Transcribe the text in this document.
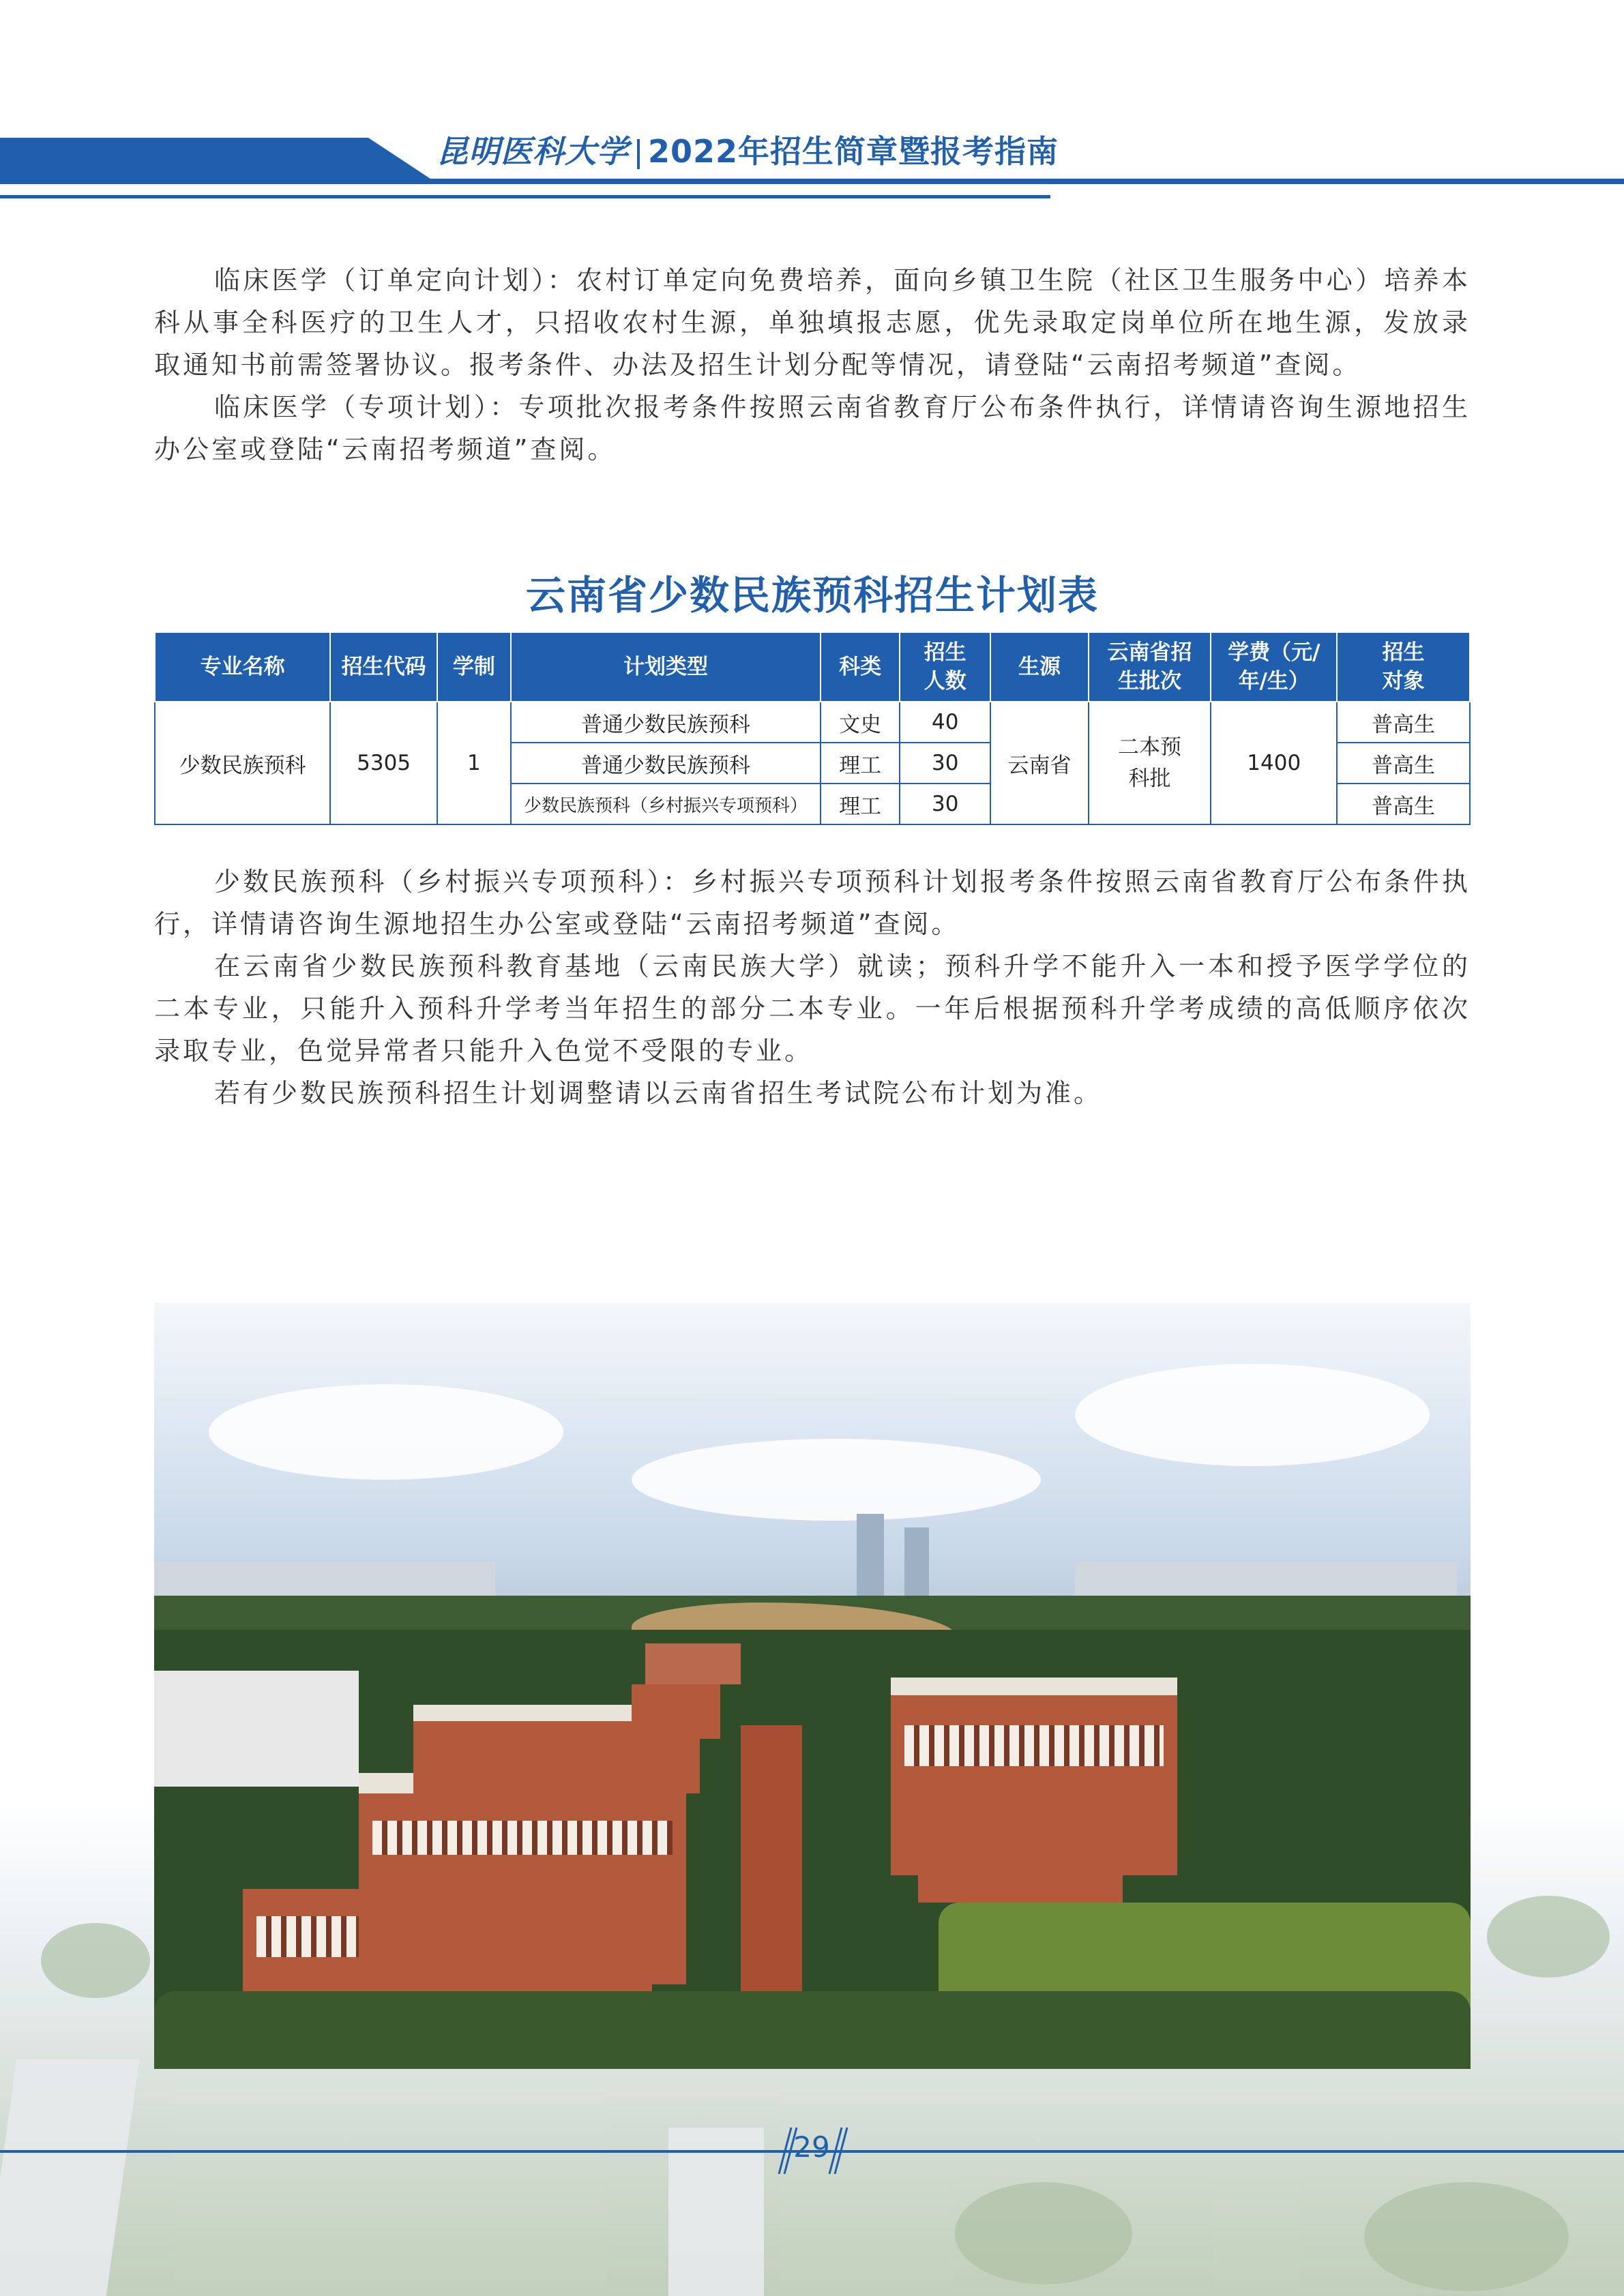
昆明医科大学 2022年招生简章暨报考指南

临床医学（订单定向计划）：农村订单定向免费培养，面向乡镇卫生院（社区卫生服务中心）培养本科从事全科医疗的卫生人才，只招收农村生源，单独填报志愿，优先录取定岗单位所在地生源，发放录取通知书前需签署协议。报考条件、办法及招生计划分配等情况，请登陆“云南招考频道”查阅。

临床医学（专项计划）：专项批次报考条件按照云南省教育厅公布条件执行，详情请咨询生源地招生办公室或登陆“云南招考频道”查阅。

云南省少数民族预科招生计划表
专业名称	招生代码	学制	计划类型	科类	招生人数	生源	云南省招生批次	学费（元/年/生）	招生对象
少数民族预科	5305	1	普通少数民族预科	文史	40	云南省	二本预科批	1400	普高生
			普通少数民族预科	理工	30				普高生
			少数民族预科（乡村振兴专项预科）	理工	30				普高生

少数民族预科（乡村振兴专项预科）：乡村振兴专项预科计划报考条件按照云南省教育厅公布条件执行，详情请咨询生源地招生办公室或登陆“云南招考频道”查阅。

在云南省少数民族预科教育基地（云南民族大学）就读；预科升学不能升入一本和授予医学学位的二本专业，只能升入预科升学考当年招生的部分二本专业。一年后根据预科升学考成绩的高低顺序依次录取专业，色觉异常者只能升入色觉不受限的专业。

若有少数民族预科招生计划调整请以云南省招生考试院公布计划为准。

29
